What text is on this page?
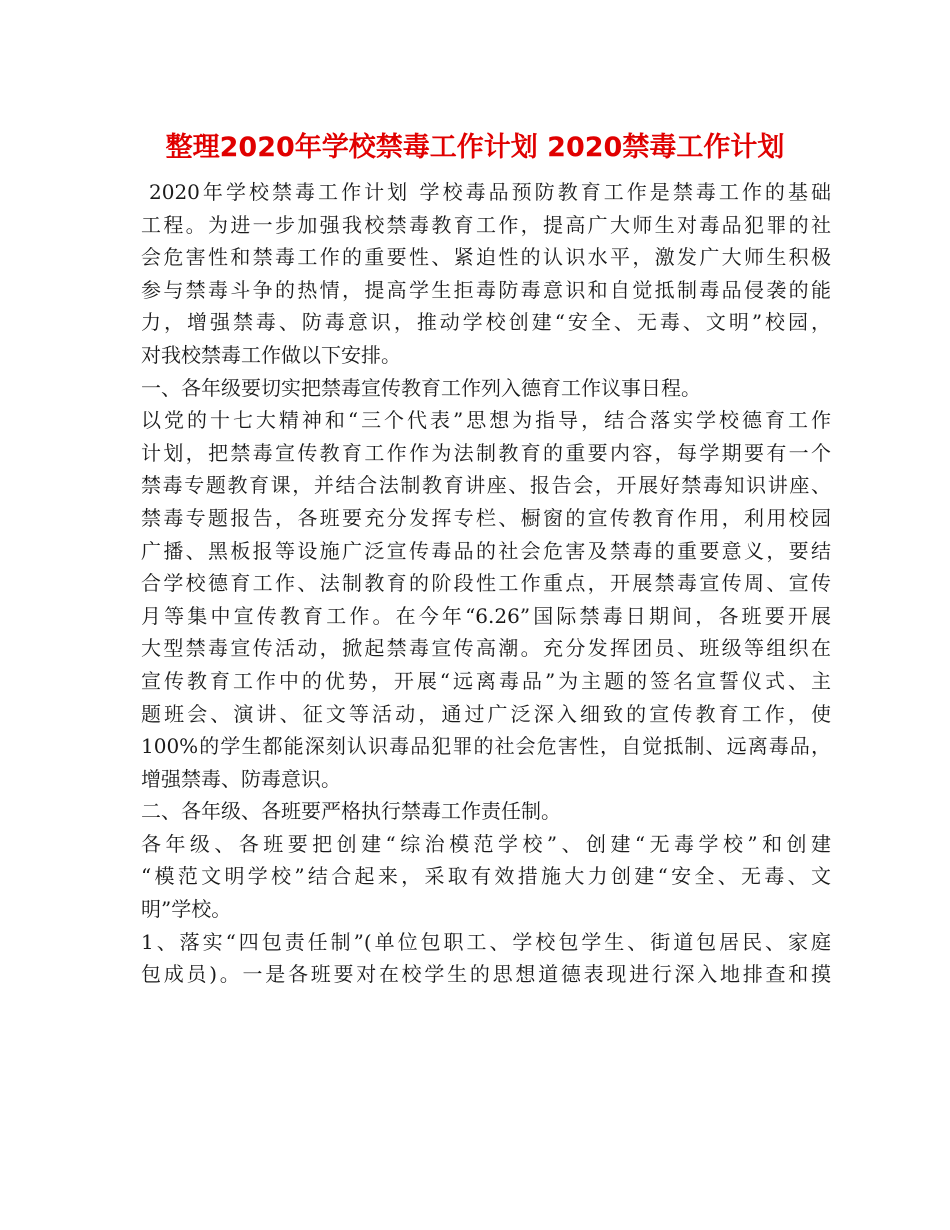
整理2020年学校禁毒工作计划 2020禁毒工作计划
2020年学校禁毒工作计划 学校毒品预防教育工作是禁毒工作的基础
工程。为进一步加强我校禁毒教育工作，提高广大师生对毒品犯罪的社
会危害性和禁毒工作的重要性、紧迫性的认识水平，激发广大师生积极
参与禁毒斗争的热情，提高学生拒毒防毒意识和自觉抵制毒品侵袭的能
力，增强禁毒、防毒意识，推动学校创建“安全、无毒、文明”校园，
对我校禁毒工作做以下安排。
一、各年级要切实把禁毒宣传教育工作列入德育工作议事日程。
以党的十七大精神和“三个代表”思想为指导，结合落实学校德育工作
计划，把禁毒宣传教育工作作为法制教育的重要内容，每学期要有一个
禁毒专题教育课，并结合法制教育讲座、报告会，开展好禁毒知识讲座、
禁毒专题报告，各班要充分发挥专栏、橱窗的宣传教育作用，利用校园
广播、黑板报等设施广泛宣传毒品的社会危害及禁毒的重要意义，要结
合学校德育工作、法制教育的阶段性工作重点，开展禁毒宣传周、宣传
月等集中宣传教育工作。在今年“6.26”国际禁毒日期间，各班要开展
大型禁毒宣传活动，掀起禁毒宣传高潮。充分发挥团员、班级等组织在
宣传教育工作中的优势，开展“远离毒品”为主题的签名宣誓仪式、主
题班会、演讲、征文等活动，通过广泛深入细致的宣传教育工作，使
100%的学生都能深刻认识毒品犯罪的社会危害性，自觉抵制、远离毒品，
增强禁毒、防毒意识。
二、各年级、各班要严格执行禁毒工作责任制。
各年级、各班要把创建“综治模范学校”、创建“无毒学校”和创建
“模范文明学校”结合起来，采取有效措施大力创建“安全、无毒、文
明”学校。
1、落实“四包责任制”(单位包职工、学校包学生、街道包居民、家庭
包成员)。一是各班要对在校学生的思想道德表现进行深入地排查和摸
